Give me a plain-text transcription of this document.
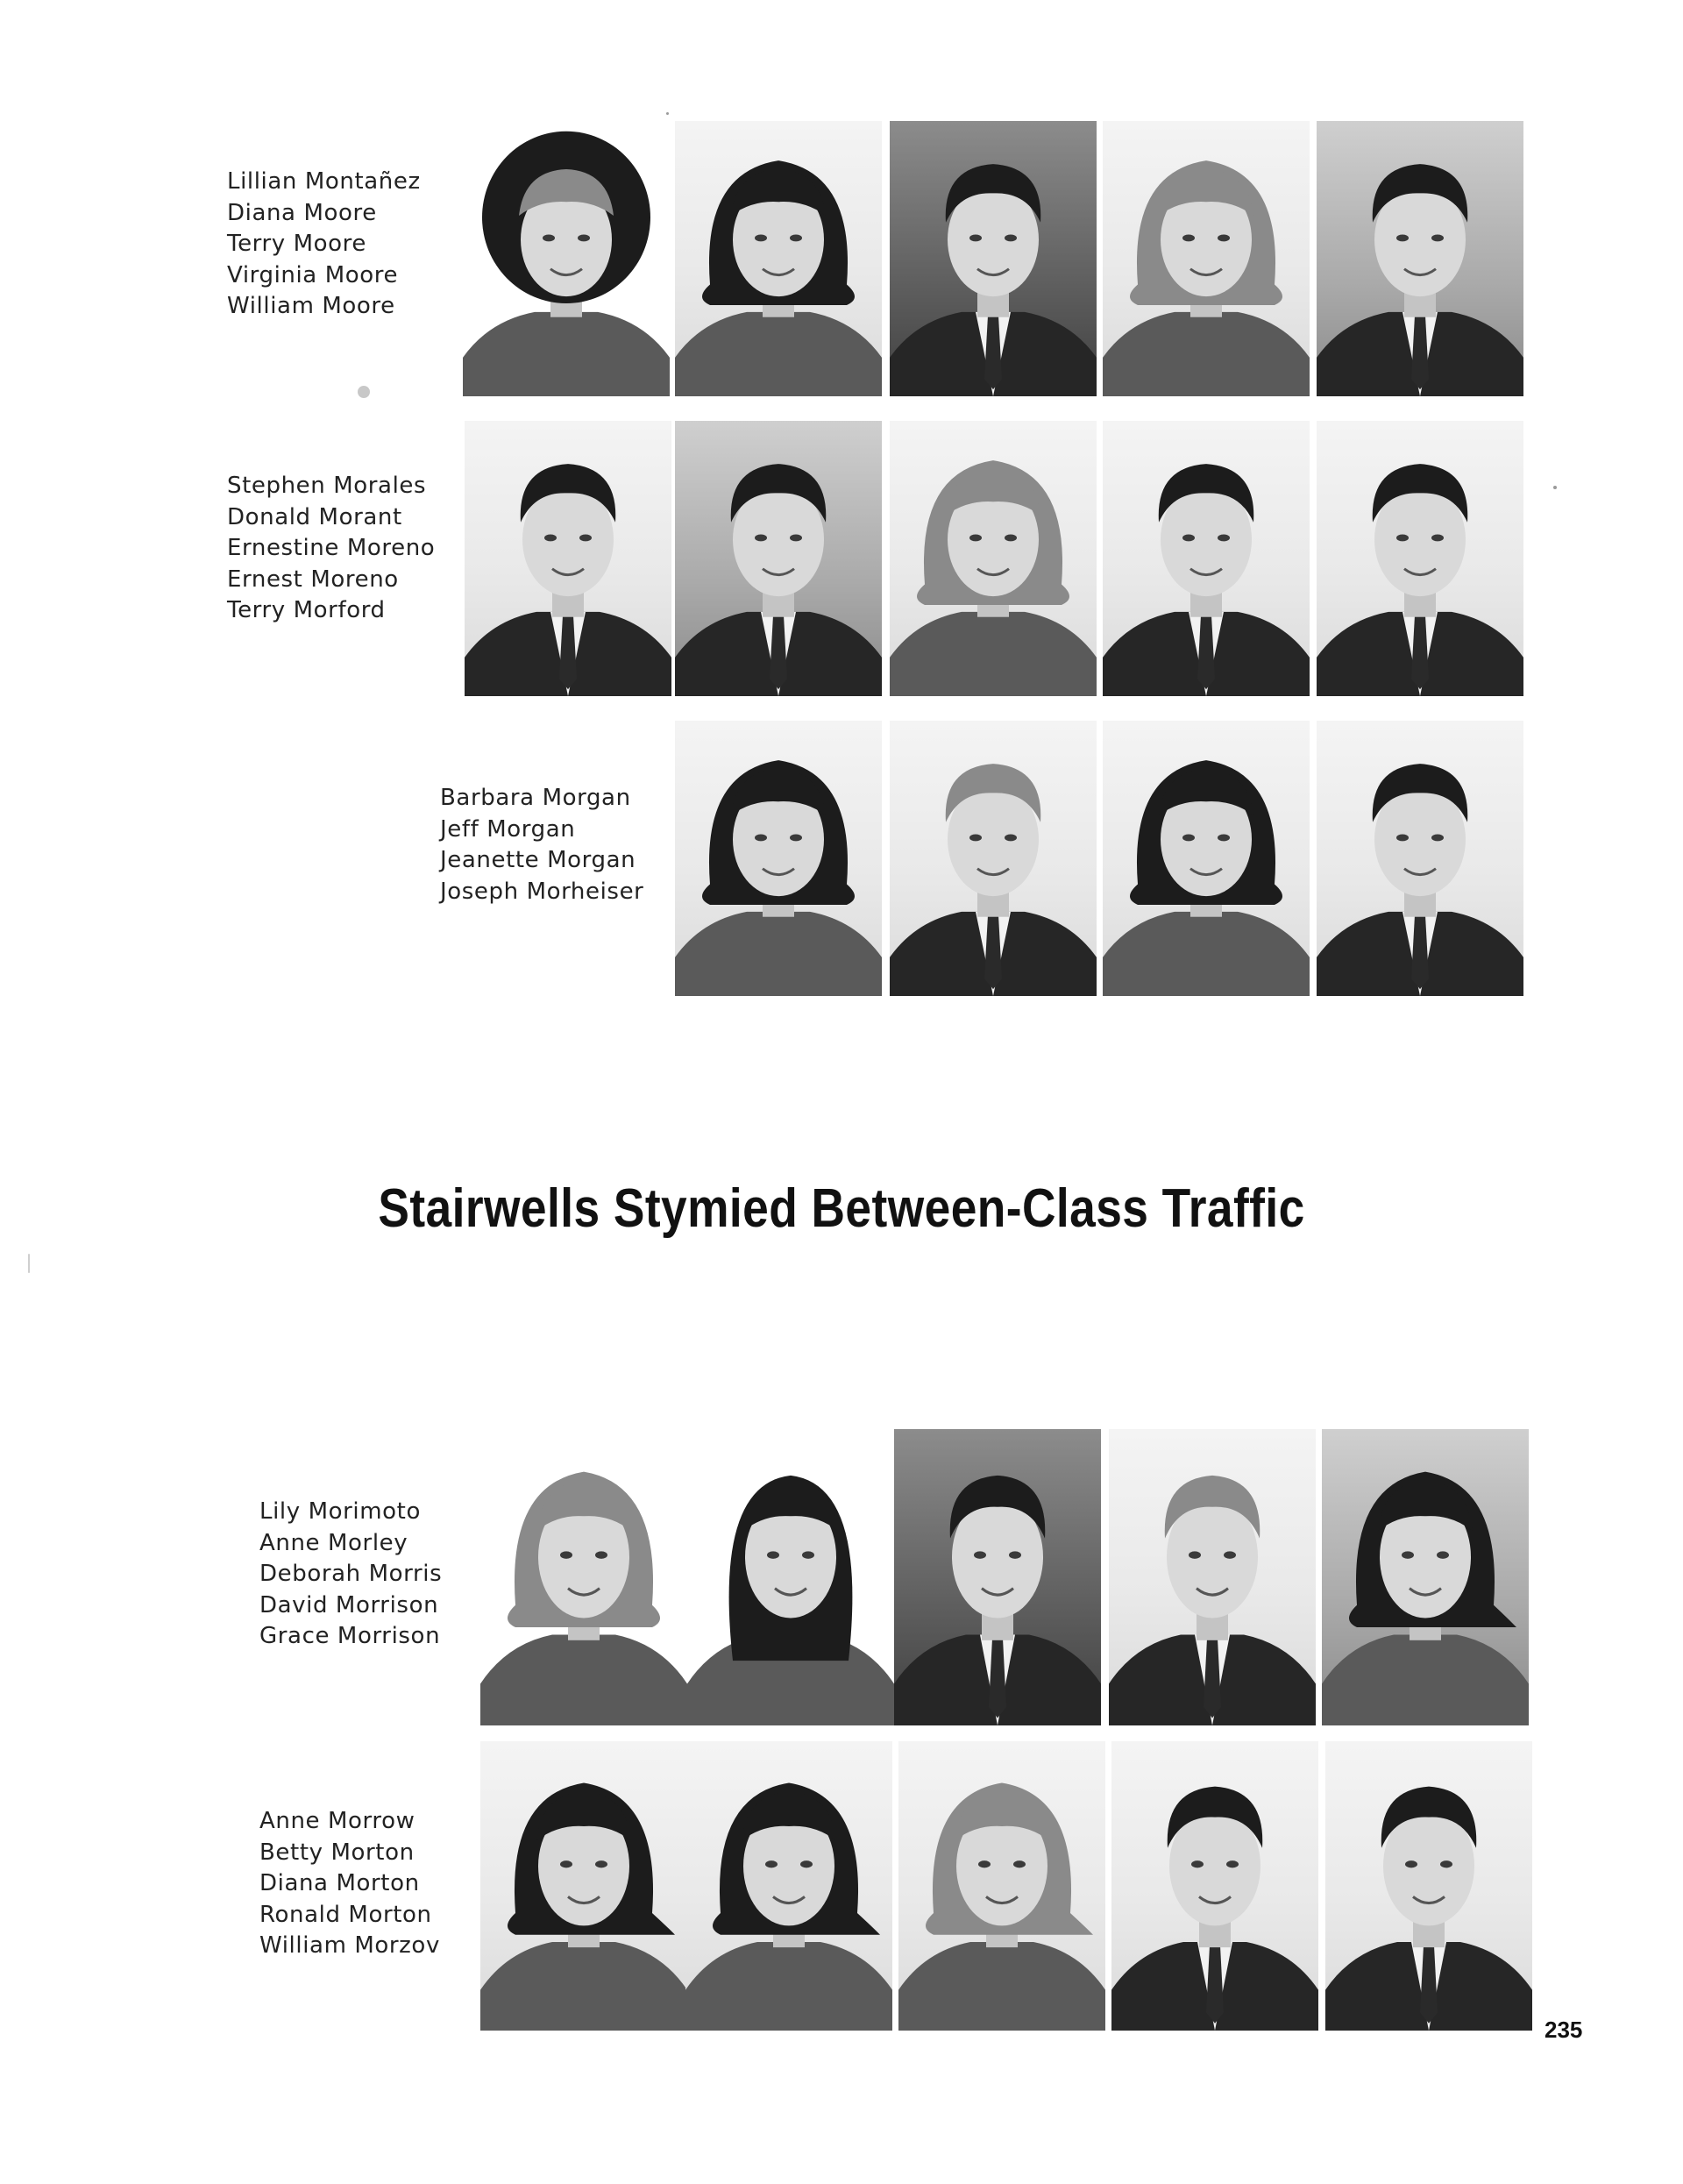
Lillian Montañez
Diana Moore
Terry Moore
Virginia Moore
William Moore
Stephen Morales
Donald Morant
Ernestine Moreno
Ernest Moreno
Terry Morford
Barbara Morgan
Jeff Morgan
Jeanette Morgan
Joseph Morheiser
Stairwells Stymied Between-Class Traffic
Lily Morimoto
Anne Morley
Deborah Morris
David Morrison
Grace Morrison
Anne Morrow
Betty Morton
Diana Morton
Ronald Morton
William Morzov
235
